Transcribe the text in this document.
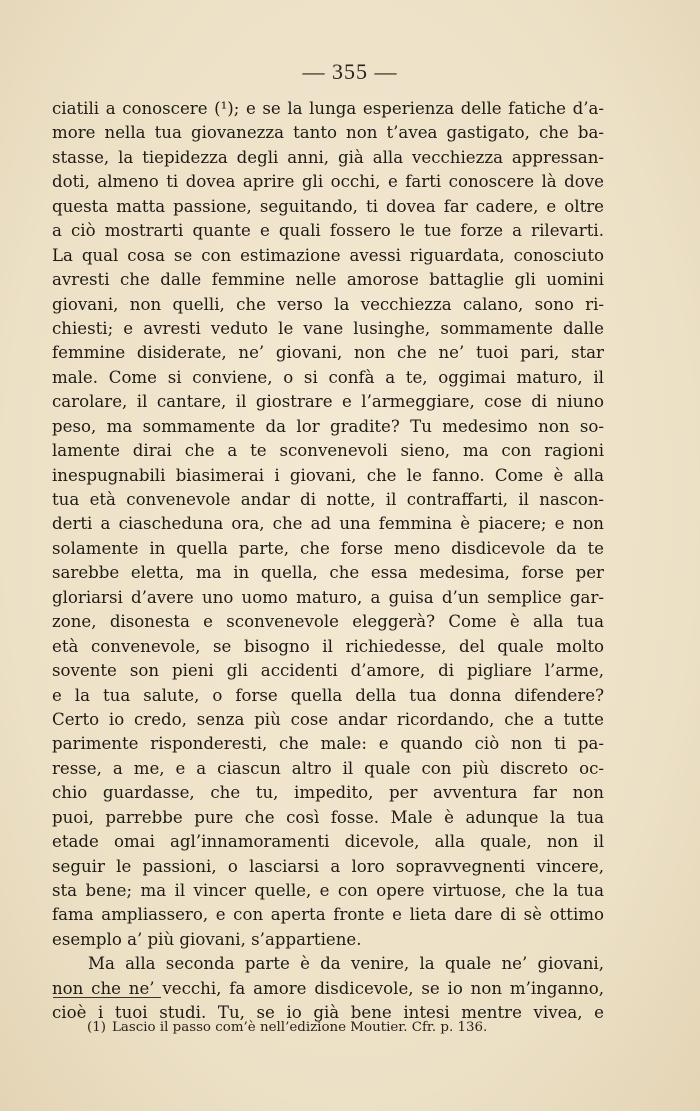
— 355 —
ciatili a conoscere (¹); e se la lunga esperienza delle fatiche d’a-
more nella tua giovanezza tanto non t’avea gastigato, che ba-
stasse, la tiepidezza degli anni, già alla vecchiezza appressan-
doti, almeno ti dovea aprire gli occhi, e farti conoscere là dove
questa matta passione, seguitando, ti dovea far cadere, e oltre
a ciò mostrarti quante e quali fossero le tue forze a rilevarti.
La qual cosa se con estimazione avessi riguardata, conosciuto
avresti che dalle femmine nelle amorose battaglie gli uomini
giovani, non quelli, che verso la vecchiezza calano, sono ri-
chiesti; e avresti veduto le vane lusinghe, sommamente dalle
femmine disiderate, ne’ giovani, non che ne’ tuoi pari, star
male. Come si conviene, o si confà a te, oggimai maturo, il
carolare, il cantare, il giostrare e l’armeggiare, cose di niuno
peso, ma sommamente da lor gradite? Tu medesimo non so-
lamente dirai che a te sconvenevoli sieno, ma con ragioni
inespugnabili biasimerai i giovani, che le fanno. Come è alla
tua età convenevole andar di notte, il contraffarti, il nascon-
derti a ciascheduna ora, che ad una femmina è piacere; e non
solamente in quella parte, che forse meno disdicevole da te
sarebbe eletta, ma in quella, che essa medesima, forse per
gloriarsi d’avere uno uomo maturo, a guisa d’un semplice gar-
zone, disonesta e sconvenevole eleggerà? Come è alla tua
età convenevole, se bisogno il richiedesse, del quale molto
sovente son pieni gli accidenti d’amore, di pigliare l’arme,
e la tua salute, o forse quella della tua donna difendere?
Certo io credo, senza più cose andar ricordando, che a tutte
parimente risponderesti, che male: e quando ciò non ti pa-
resse, a me, e a ciascun altro il quale con più discreto oc-
chio guardasse, che tu, impedito, per avventura far non
puoi, parrebbe pure che così fosse. Male è adunque la tua
etade omai agl’innamoramenti dicevole, alla quale, non il
seguir le passioni, o lasciarsi a loro sopravvegnenti vincere,
sta bene; ma il vincer quelle, e con opere virtuose, che la tua
fama ampliassero, e con aperta fronte e lieta dare di sè ottimo
esemplo a’ più giovani, s’appartiene.
Ma alla seconda parte è da venire, la quale ne’ giovani,
non che ne’ vecchi, fa amore disdicevole, se io non m’inganno,
cioè i tuoi studi. Tu, se io già bene intesi mentre vivea, e
(1) Lascio il passo com’è nell’edizione Moutier. Cfr. p. 136.
